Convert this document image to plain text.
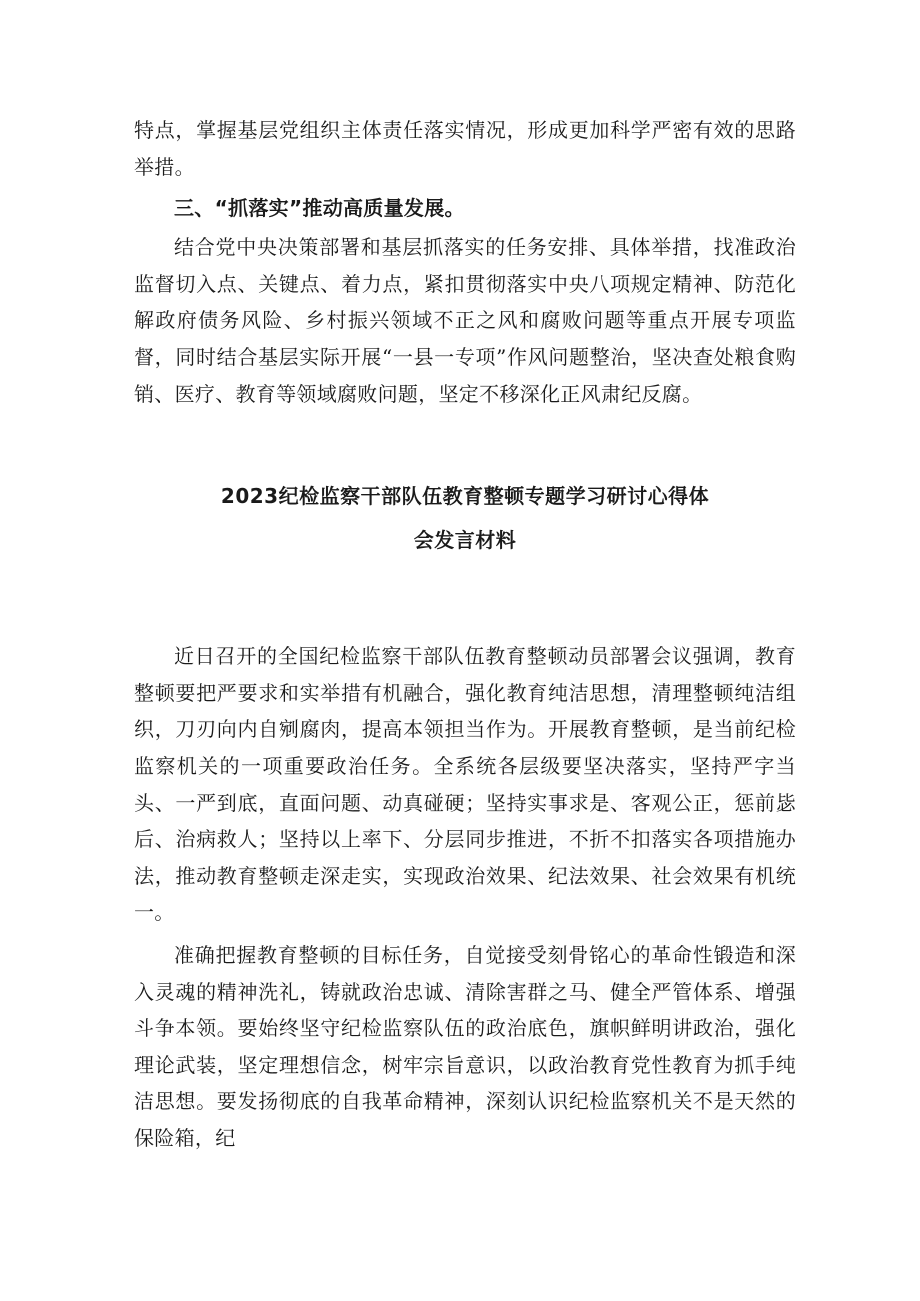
特点，掌握基层党组织主体责任落实情况，形成更加科学严密有效的思路举措。

三、“抓落实”推动高质量发展。

结合党中央决策部署和基层抓落实的任务安排、具体举措，找准政治监督切入点、关键点、着力点，紧扣贯彻落实中央八项规定精神、防范化解政府债务风险、乡村振兴领域不正之风和腐败问题等重点开展专项监督，同时结合基层实际开展“一县一专项”作风问题整治，坚决查处粮食购销、医疗、教育等领域腐败问题，坚定不移深化正风肃纪反腐。

2023纪检监察干部队伍教育整顿专题学习研讨心得体
会发言材料

近日召开的全国纪检监察干部队伍教育整顿动员部署会议强调，教育整顿要把严要求和实举措有机融合，强化教育纯洁思想，清理整顿纯洁组织，刀刃向内自剜腐肉，提高本领担当作为。开展教育整顿，是当前纪检监察机关的一项重要政治任务。全系统各层级要坚决落实，坚持严字当头、一严到底，直面问题、动真碰硬；坚持实事求是、客观公正，惩前毖后、治病救人；坚持以上率下、分层同步推进，不折不扣落实各项措施办法，推动教育整顿走深走实，实现政治效果、纪法效果、社会效果有机统一。

准确把握教育整顿的目标任务，自觉接受刻骨铭心的革命性锻造和深入灵魂的精神洗礼，铸就政治忠诚、清除害群之马、健全严管体系、增强斗争本领。要始终坚守纪检监察队伍的政治底色，旗帜鲜明讲政治，强化理论武装，坚定理想信念，树牢宗旨意识，以政治教育党性教育为抓手纯洁思想。要发扬彻底的自我革命精神，深刻认识纪检监察机关不是天然的保险箱，纪
